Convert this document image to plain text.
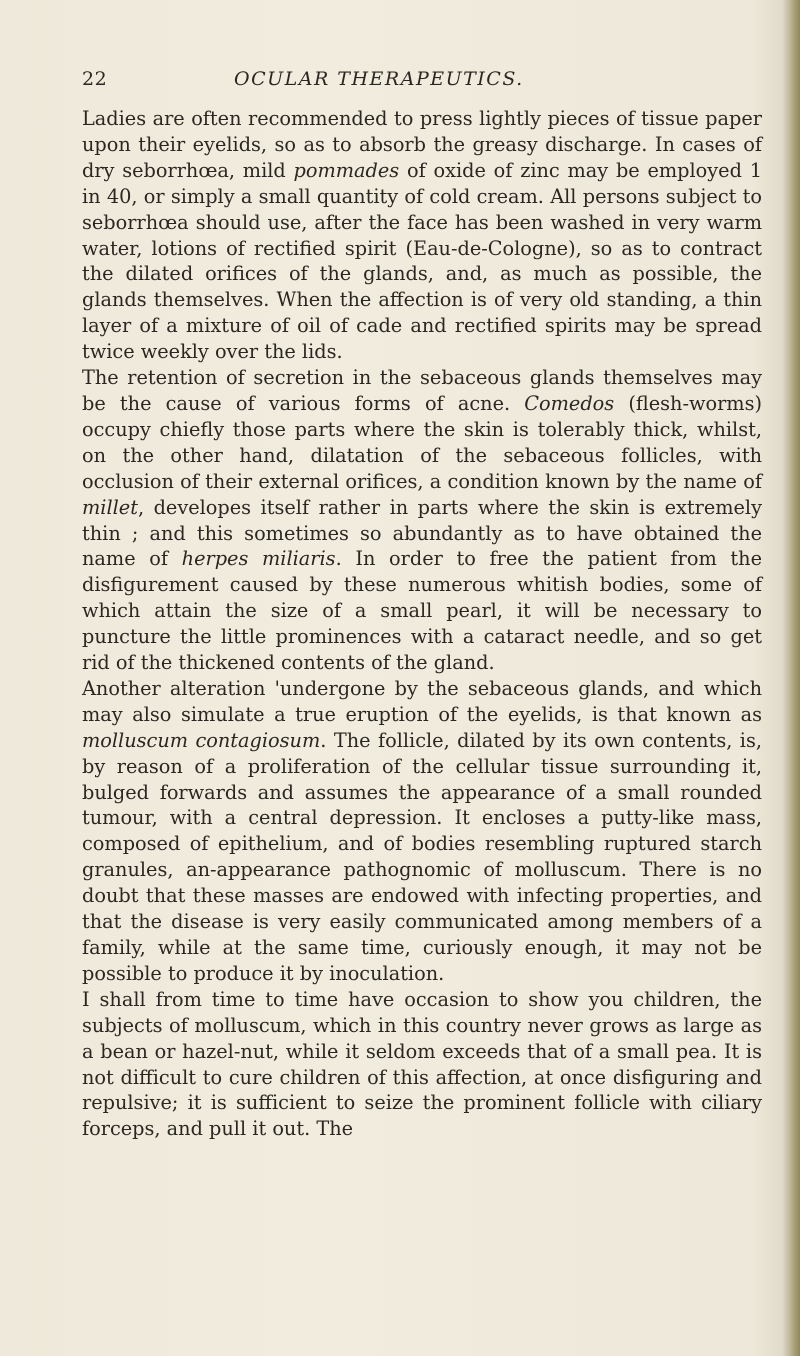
22	OCULAR THERAPEUTICS.

Ladies are often recommended to press lightly pieces of tissue paper upon their eyelids, so as to absorb the greasy discharge. In cases of dry seborrhœa, mild pommades of oxide of zinc may be employed 1 in 40, or simply a small quantity of cold cream. All persons subject to seborrhœa should use, after the face has been washed in very warm water, lotions of rectified spirit (Eau-de-Cologne), so as to contract the dilated orifices of the glands, and, as much as possible, the glands themselves. When the affection is of very old standing, a thin layer of a mixture of oil of cade and rectified spirits may be spread twice weekly over the lids.

The retention of secretion in the sebaceous glands themselves may be the cause of various forms of acne. Comedos (flesh-worms) occupy chiefly those parts where the skin is tolerably thick, whilst, on the other hand, dilatation of the sebaceous follicles, with occlusion of their external orifices, a condition known by the name of millet, developes itself rather in parts where the skin is extremely thin ; and this sometimes so abundantly as to have obtained the name of herpes miliaris. In order to free the patient from the disfigurement caused by these numerous whitish bodies, some of which attain the size of a small pearl, it will be necessary to puncture the little prominences with a cataract needle, and so get rid of the thickened contents of the gland.

Another alteration 'undergone by the sebaceous glands, and which may also simulate a true eruption of the eyelids, is that known as molluscum contagiosum. The follicle, dilated by its own contents, is, by reason of a proliferation of the cellular tissue surrounding it, bulged forwards and assumes the appearance of a small rounded tumour, with a central depression. It encloses a putty-like mass, composed of epithelium, and of bodies resembling ruptured starch granules, an-appearance pathognomic of molluscum. There is no doubt that these masses are endowed with infecting properties, and that the disease is very easily communicated among members of a family, while at the same time, curiously enough, it may not be possible to produce it by inoculation.

I shall from time to time have occasion to show you children, the subjects of molluscum, which in this country never grows as large as a bean or hazel-nut, while it seldom exceeds that of a small pea. It is not difficult to cure children of this affection, at once disfiguring and repulsive; it is sufficient to seize the prominent follicle with ciliary forceps, and pull it out. The
